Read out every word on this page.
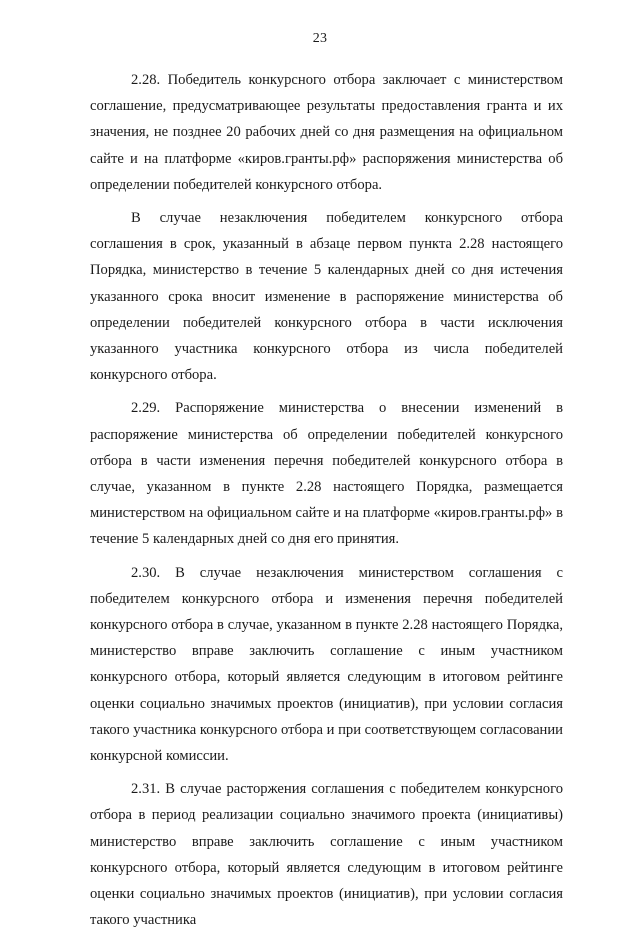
23

2.28. Победитель конкурсного отбора заключает с министерством соглашение, предусматривающее результаты предоставления гранта и их значения, не позднее 20 рабочих дней со дня размещения на официальном сайте и на платформе «киров.гранты.рф» распоряжения министерства об определении победителей конкурсного отбора.

В случае незаключения победителем конкурсного отбора соглашения в срок, указанный в абзаце первом пункта 2.28 настоящего Порядка, министерство в течение 5 календарных дней со дня истечения указанного срока вносит изменение в распоряжение министерства об определении победителей конкурсного отбора в части исключения указанного участника конкурсного отбора из числа победителей конкурсного отбора.

2.29. Распоряжение министерства о внесении изменений в распоряжение министерства об определении победителей конкурсного отбора в части изменения перечня победителей конкурсного отбора в случае, указанном в пункте 2.28 настоящего Порядка, размещается министерством на официальном сайте и на платформе «киров.гранты.рф» в течение 5 календарных дней со дня его принятия.

2.30. В случае незаключения министерством соглашения с победителем конкурсного отбора и изменения перечня победителей конкурсного отбора в случае, указанном в пункте 2.28 настоящего Порядка, министерство вправе заключить соглашение с иным участником конкурсного отбора, который является следующим в итоговом рейтинге оценки социально значимых проектов (инициатив), при условии согласия такого участника конкурсного отбора и при соответствующем согласовании конкурсной комиссии.

2.31. В случае расторжения соглашения с победителем конкурсного отбора в период реализации социально значимого проекта (инициативы) министерство вправе заключить соглашение с иным участником конкурсного отбора, который является следующим в итоговом рейтинге оценки социально значимых проектов (инициатив), при условии согласия такого участника
